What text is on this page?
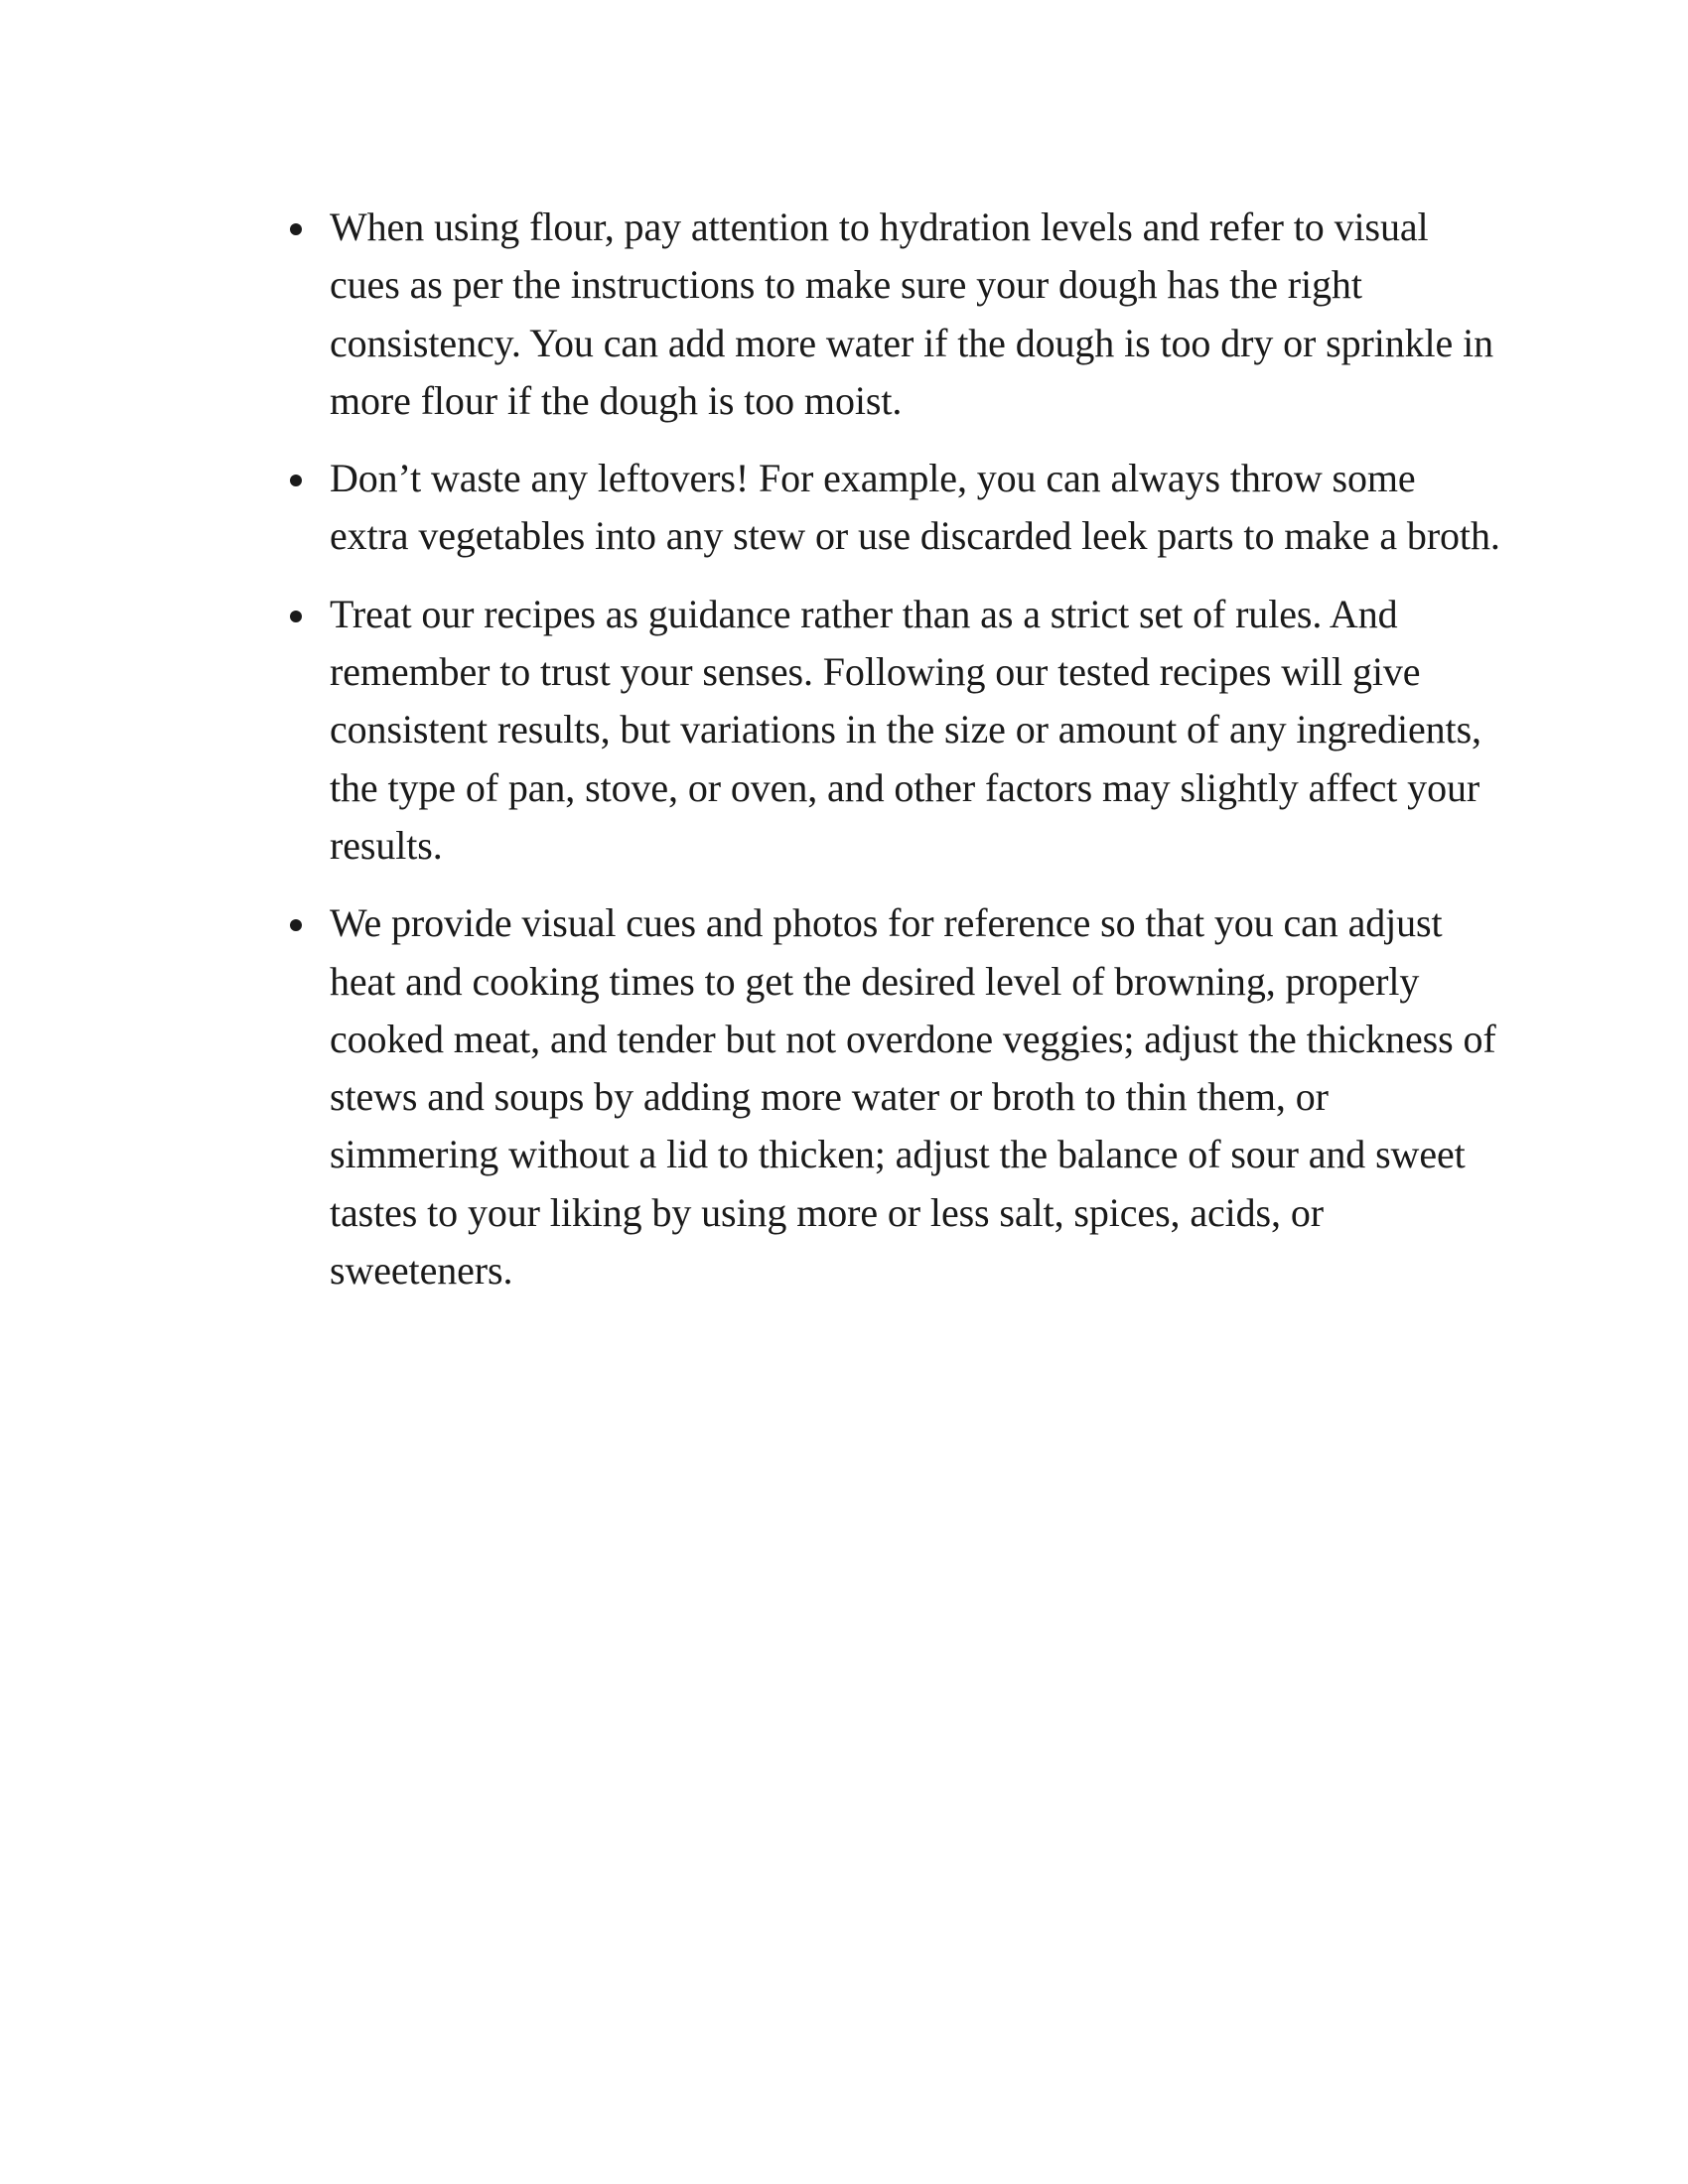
When using flour, pay attention to hydration levels and refer to visual cues as per the instructions to make sure your dough has the right consistency. You can add more water if the dough is too dry or sprinkle in more flour if the dough is too moist.
Don’t waste any leftovers! For example, you can always throw some extra vegetables into any stew or use discarded leek parts to make a broth.
Treat our recipes as guidance rather than as a strict set of rules. And remember to trust your senses. Following our tested recipes will give consistent results, but variations in the size or amount of any ingredients, the type of pan, stove, or oven, and other factors may slightly affect your results.
We provide visual cues and photos for reference so that you can adjust heat and cooking times to get the desired level of browning, properly cooked meat, and tender but not overdone veggies; adjust the thickness of stews and soups by adding more water or broth to thin them, or simmering without a lid to thicken; adjust the balance of sour and sweet tastes to your liking by using more or less salt, spices, acids, or sweeteners.
